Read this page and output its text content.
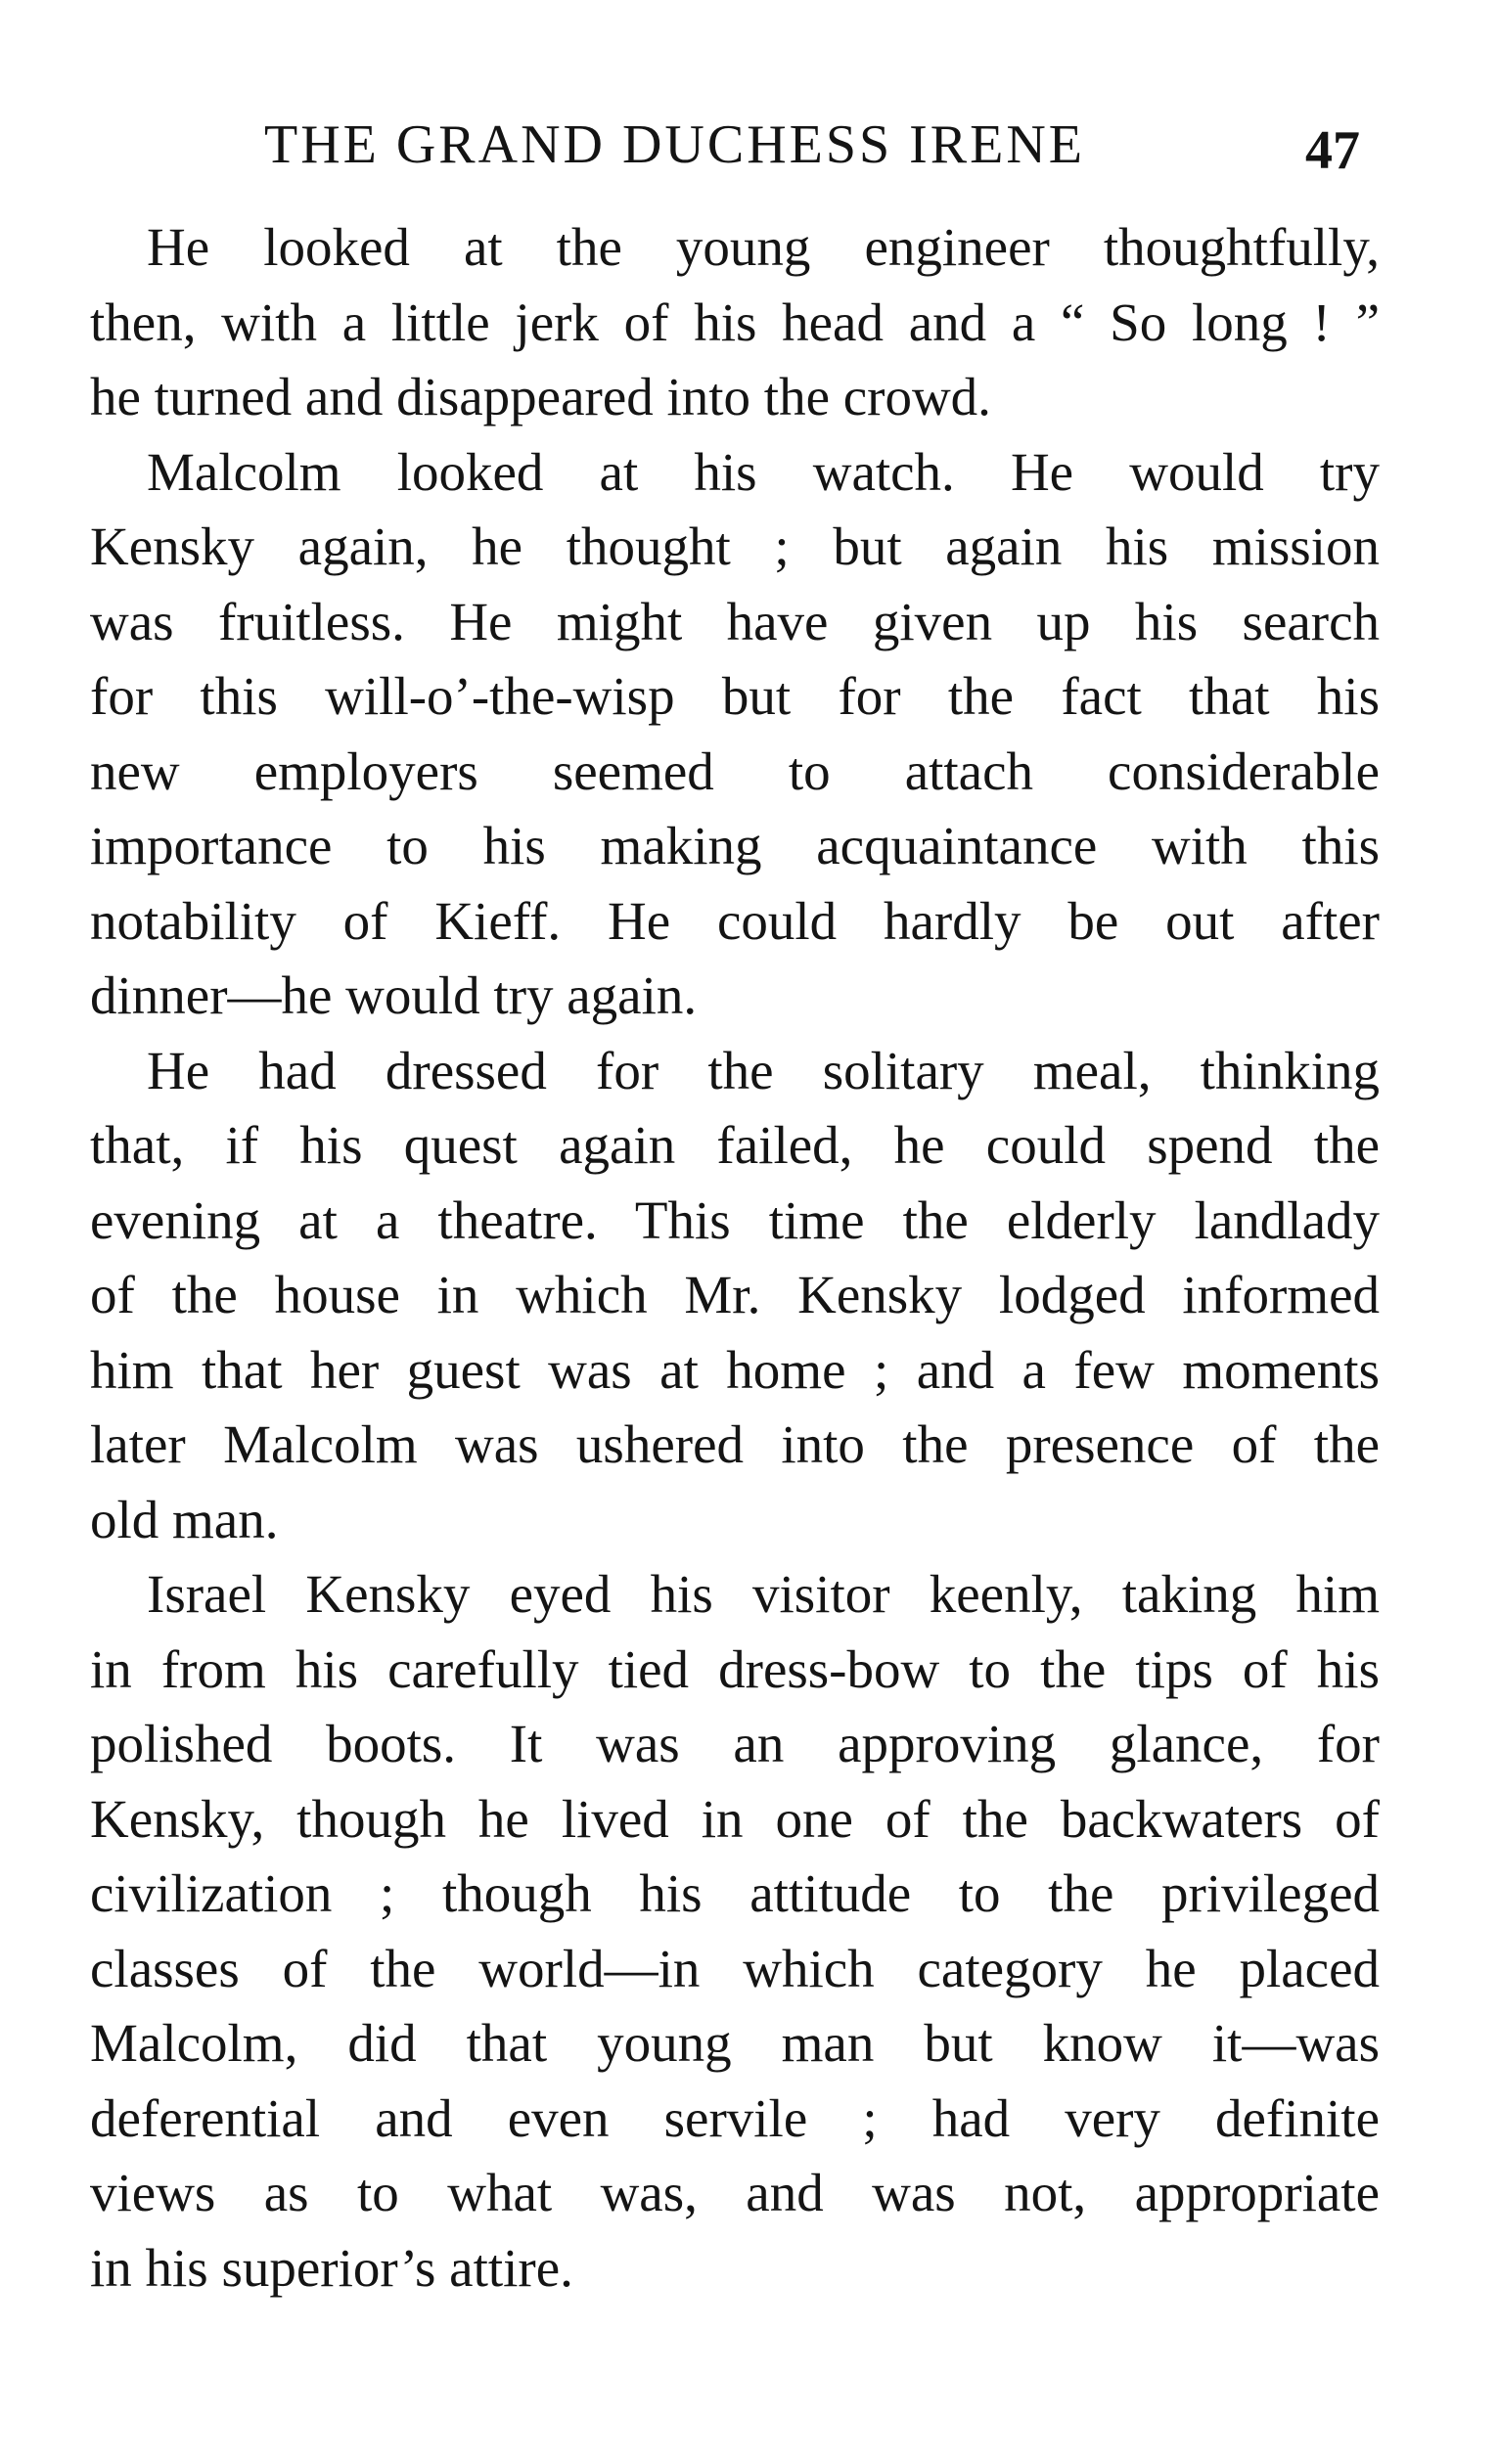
THE GRAND DUCHESS IRENE	47
He looked at the young engineer thoughtfully,
then, with a little jerk of his head and a “ So long ! ”
he turned and disappeared into the crowd.
Malcolm looked at his watch. He would try
Kensky again, he thought ; but again his mission
was fruitless. He might have given up his search
for this will-o’-the-wisp but for the fact that his
new employers seemed to attach considerable
importance to his making acquaintance with this
notability of Kieff. He could hardly be out after
dinner—he would try again.
He had dressed for the solitary meal, thinking
that, if his quest again failed, he could spend the
evening at a theatre. This time the elderly landlady
of the house in which Mr. Kensky lodged informed
him that her guest was at home ; and a few moments
later Malcolm was ushered into the presence of the
old man.
Israel Kensky eyed his visitor keenly, taking him
in from his carefully tied dress-bow to the tips of his
polished boots. It was an approving glance, for
Kensky, though he lived in one of the backwaters of
civilization ; though his attitude to the privileged
classes of the world—in which category he placed
Malcolm, did that young man but know it—was
deferential and even servile ; had very definite
views as to what was, and was not, appropriate
in his superior’s attire.
